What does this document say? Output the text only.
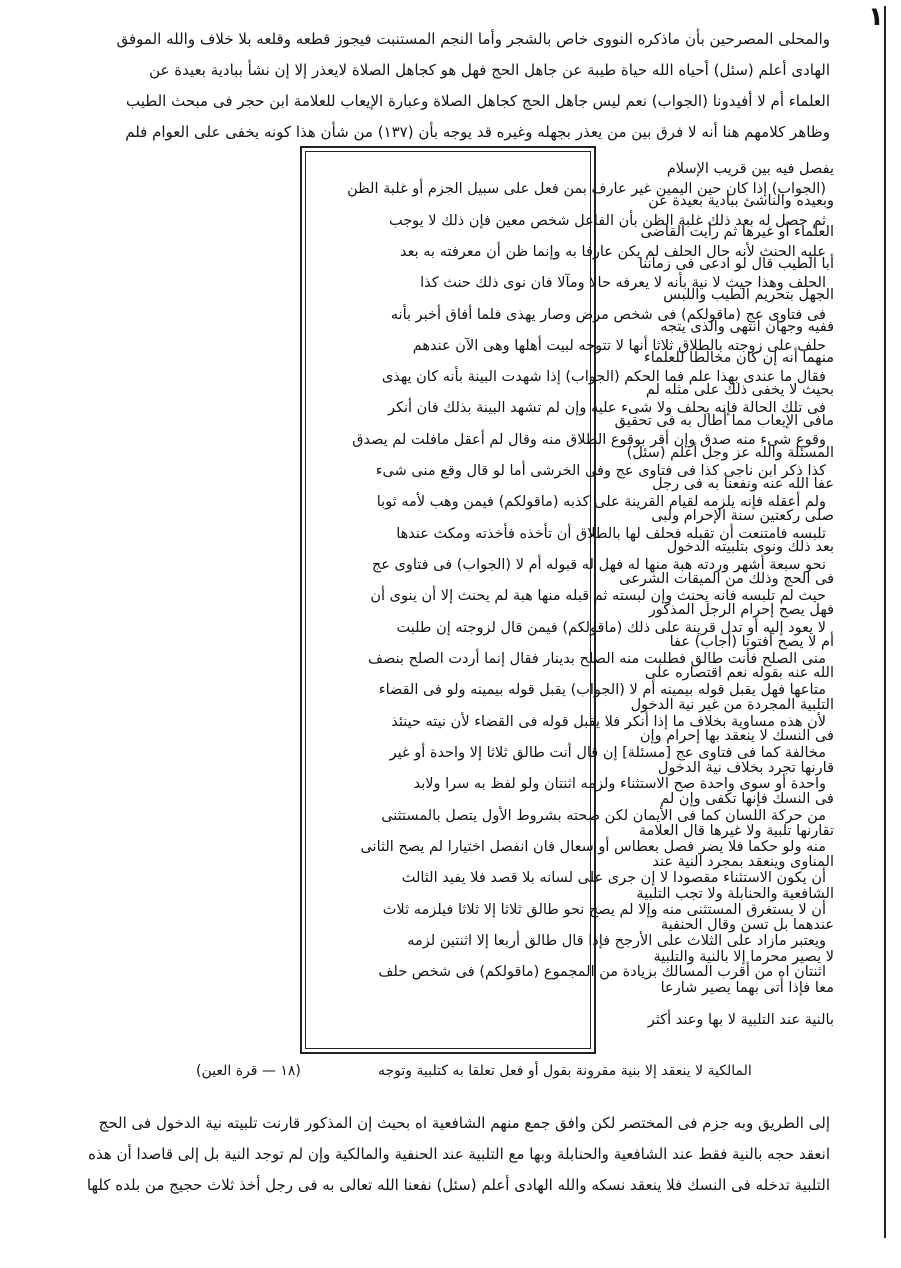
١
والمحلى المصرحين بأن ماذكره النووى خاص بالشجر وأما النجم المستنبت فيجوز قطعه وقلعه بلا خلاف والله الموفق
الهادى أعلم (سئل) أحياه الله حياة طيبة عن جاهل الحج فهل هو كجاهل الصلاة لايعذر إلا إن نشأ ببادية بعيدة عن
العلماء أم لا أفيدونا (الجواب) نعم ليس جاهل الحج كجاهل الصلاة وعبارة الإيعاب للعلامة ابن حجر فى مبحث الطيب
وظاهر كلامهم هنا أنه لا فرق بين من يعذر بجهله وغيره قد يوجه بأن (١٣٧) من شأن هذا كونه يخفى على العوام فلم
يفصل فيه بين قريب الإسلام
وبعيده والناشئ ببادية بعيدة عن
العلماء أو غيرها ثم رأيت القاضى
أبا الطيب قال لو ادعى فى زماننا
الجهل بتحريم الطيب واللبس
ففيه وجهان انتهى والذى يتجه
منهما أنه إن كان مخالطا للعلماء
بحيث لا يخفى ذلك على مثله لم
مافى الإيعاب مما أطال به فى تحقيق
المسئلة والله عز وجل أعلم (سئل)
عفا الله عنه ونفعنا به فى رجل
صلى ركعتين سنة الإحرام ولبى
بعد ذلك ونوى بتلبيته الدخول
فى الحج وذلك من الميقات الشرعى
فهل يصح إحرام الرجل المذكور
أم لا يصح أفتونا (أجاب) عفا
الله عنه بقوله نعم اقتصاره على
التلبية المجردة من غير نية الدخول
فى النسك لا ينعقد بها إحرام وإن
قارنها تجرد بخلاف نية الدخول
فى النسك فإنها تكفى وإن لم
تقارنها تلبية ولا غيرها قال العلامة
المناوى وينعقد بمجرد النية عند
الشافعية والحنابلة ولا تجب التلبية
عندهما بل تسن وقال الحنفية
لا يصير محرما إلا بالنية والتلبية
معا فإذا أتى بهما يصير شارعا
بالنية عند التلبية لا بها وعند أكثر
(الجواب) إذا كان حين اليمين غير عارف بمن فعل على سبيل الجزم أو غلبة الظن
ثم حصل له بعد ذلك غلبة الظن بأن الفاعل شخص معين فإن ذلك لا يوجب
عليه الحنث لأنه حال الحلف لم يكن عارفا به وإنما ظن أن معرفته به بعد
الحلف وهذا حيث لا نية بأنه لا يعرفه حالا ومآلا فان نوى ذلك حنث كذا
فى فتاوى عج (ماقولكم) فى شخص مرض وصار يهذى فلما أفاق أخبر بأنه
حلف على زوجته بالطلاق ثلاثا أنها لا تتوجه لبيت أهلها وهى الآن عندهم
فقال ما عندى بهذا علم فما الحكم (الجواب) إذا شهدت البينة بأنه كان يهذى
فى تلك الحالة فإنه يحلف ولا شىء عليه وإن لم تشهد البينة بذلك فان أنكر
وقوع شىء منه صدق وإن أقر بوقوع الطلاق منه وقال لم أعقل مافلت لم يصدق
كذا ذكر ابن ناجى كذا فى فتاوى عج وفى الخرشى أما لو قال وقع منى شىء
ولم أعقله فإنه يلزمه لقيام القرينة على كذبه (ماقولكم) فيمن وهب لأمه ثوبا
تلبسه فامتنعت أن تقبله فحلف لها بالطلاق أن تأخذه فأخذته ومكث عندها
نحو سبعة أشهر وردته هبة منها له فهل له قبوله أم لا (الجواب) فى فتاوى عج
حيث لم تلبسه فانه يحنث وإن لبسته ثم قبله منها هبة لم يحنث إلا أن ينوى أن
لا يعود إليه أو تدل قرينة على ذلك (ماقولكم) فيمن قال لزوجته إن طلبت
منى الصلح فأنت طالق فطلبت منه الصلح بدينار فقال إنما أردت الصلح بنصف
متاعها فهل يقبل قوله بيمينه أم لا (الجواب) يقبل قوله بيمينه ولو فى القضاء
لأن هذه مساوية بخلاف ما إذا أنكر فلا يقبل قوله فى القضاء لأن نيته حينئذ
مخالفة كما فى فتاوى عج [مسئلة] إن قال أنت طالق ثلاثا إلا واحدة أو غير
واحدة أو سوى واحدة صح الاستثناء ولزمه اثنتان ولو لفظ به سرا ولابد
من حركة اللسان كما فى الأيمان لكن صحته بشروط الأول يتصل بالمستثنى
منه ولو حكما فلا يضر فصل بعطاس أو سعال فان انفصل اختيارا لم يصح الثانى
أن يكون الاستثناء مقصودا لا إن جرى على لسانه بلا قصد فلا يفيد الثالث
أن لا يستغرق المستثنى منه وإلا لم يصح نحو طالق ثلاثا إلا ثلاثا فيلزمه ثلاث
ويعتبر مازاد على الثلاث على الأرجح فإذا قال طالق أربعا إلا اثنتين لزمه
اثنتان اه من أقرب المسالك بزيادة من المجموع (ماقولكم) فى شخص حلف
المالكية لا ينعقد إلا بنية مقرونة بقول أو فعل تعلقا به كتلبية وتوجه
(١٨ — قرة العين)
إلى الطريق وبه جزم فى المختصر لكن وافق جمع منهم الشافعية اه بحيث إن المذكور قارنت تلبيته نية الدخول فى الحج
انعقد حجه بالنية فقط عند الشافعية والحنابلة وبها مع التلبية عند الحنفية والمالكية وإن لم توجد النية بل إلى قاصدا أن هذه
التلبية تدخله فى النسك فلا ينعقد نسكه والله الهادى أعلم (سئل) نفعنا الله تعالى به فى رجل أخذ ثلاث حجيج من بلده كلها
